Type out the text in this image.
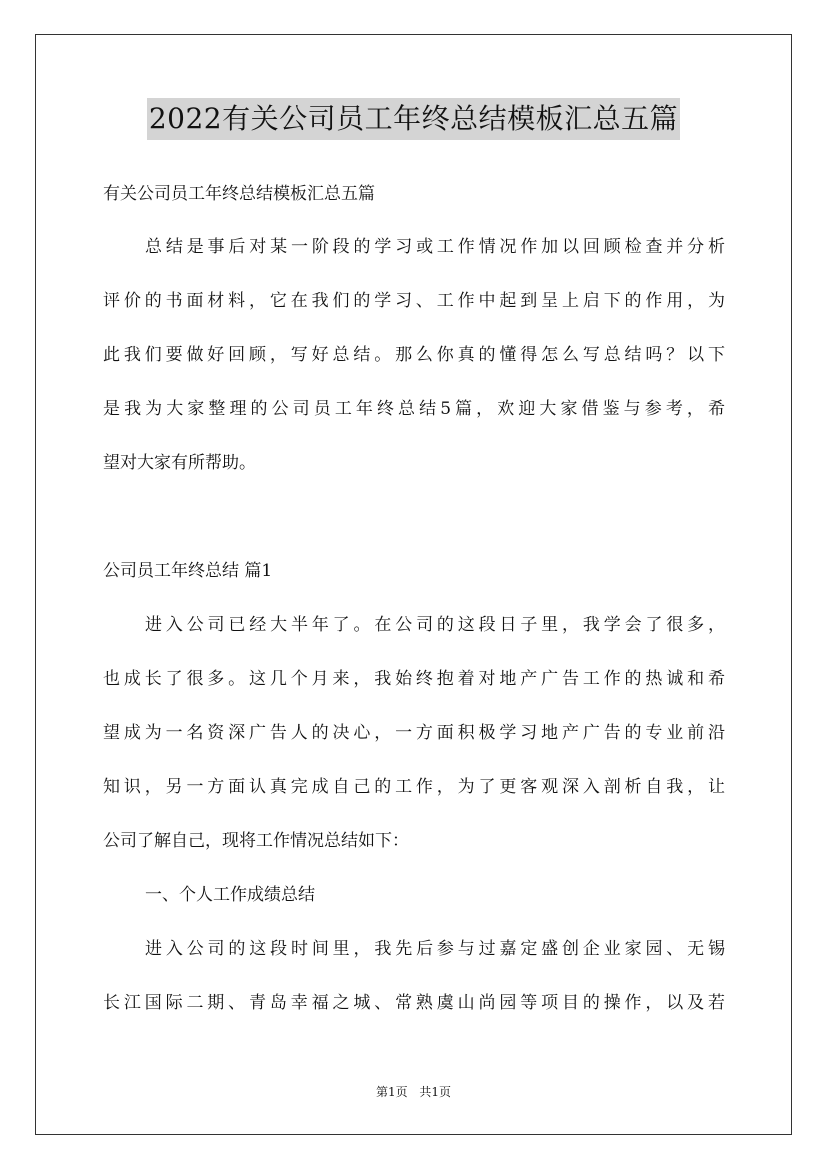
2022有关公司员工年终总结模板汇总五篇
有关公司员工年终总结模板汇总五篇
总结是事后对某一阶段的学习或工作情况作加以回顾检查并分析
评价的书面材料，它在我们的学习、工作中起到呈上启下的作用，为
此我们要做好回顾，写好总结。那么你真的懂得怎么写总结吗？以下
是我为大家整理的公司员工年终总结5篇，欢迎大家借鉴与参考，希
望对大家有所帮助。
公司员工年终总结 篇1
进入公司已经大半年了。在公司的这段日子里，我学会了很多，
也成长了很多。这几个月来，我始终抱着对地产广告工作的热诚和希
望成为一名资深广告人的决心，一方面积极学习地产广告的专业前沿
知识，另一方面认真完成自己的工作，为了更客观深入剖析自我，让
公司了解自己，现将工作情况总结如下：
一、个人工作成绩总结
进入公司的这段时间里，我先后参与过嘉定盛创企业家园、无锡
长江国际二期、青岛幸福之城、常熟虞山尚园等项目的操作，以及若
第1页 共1页
